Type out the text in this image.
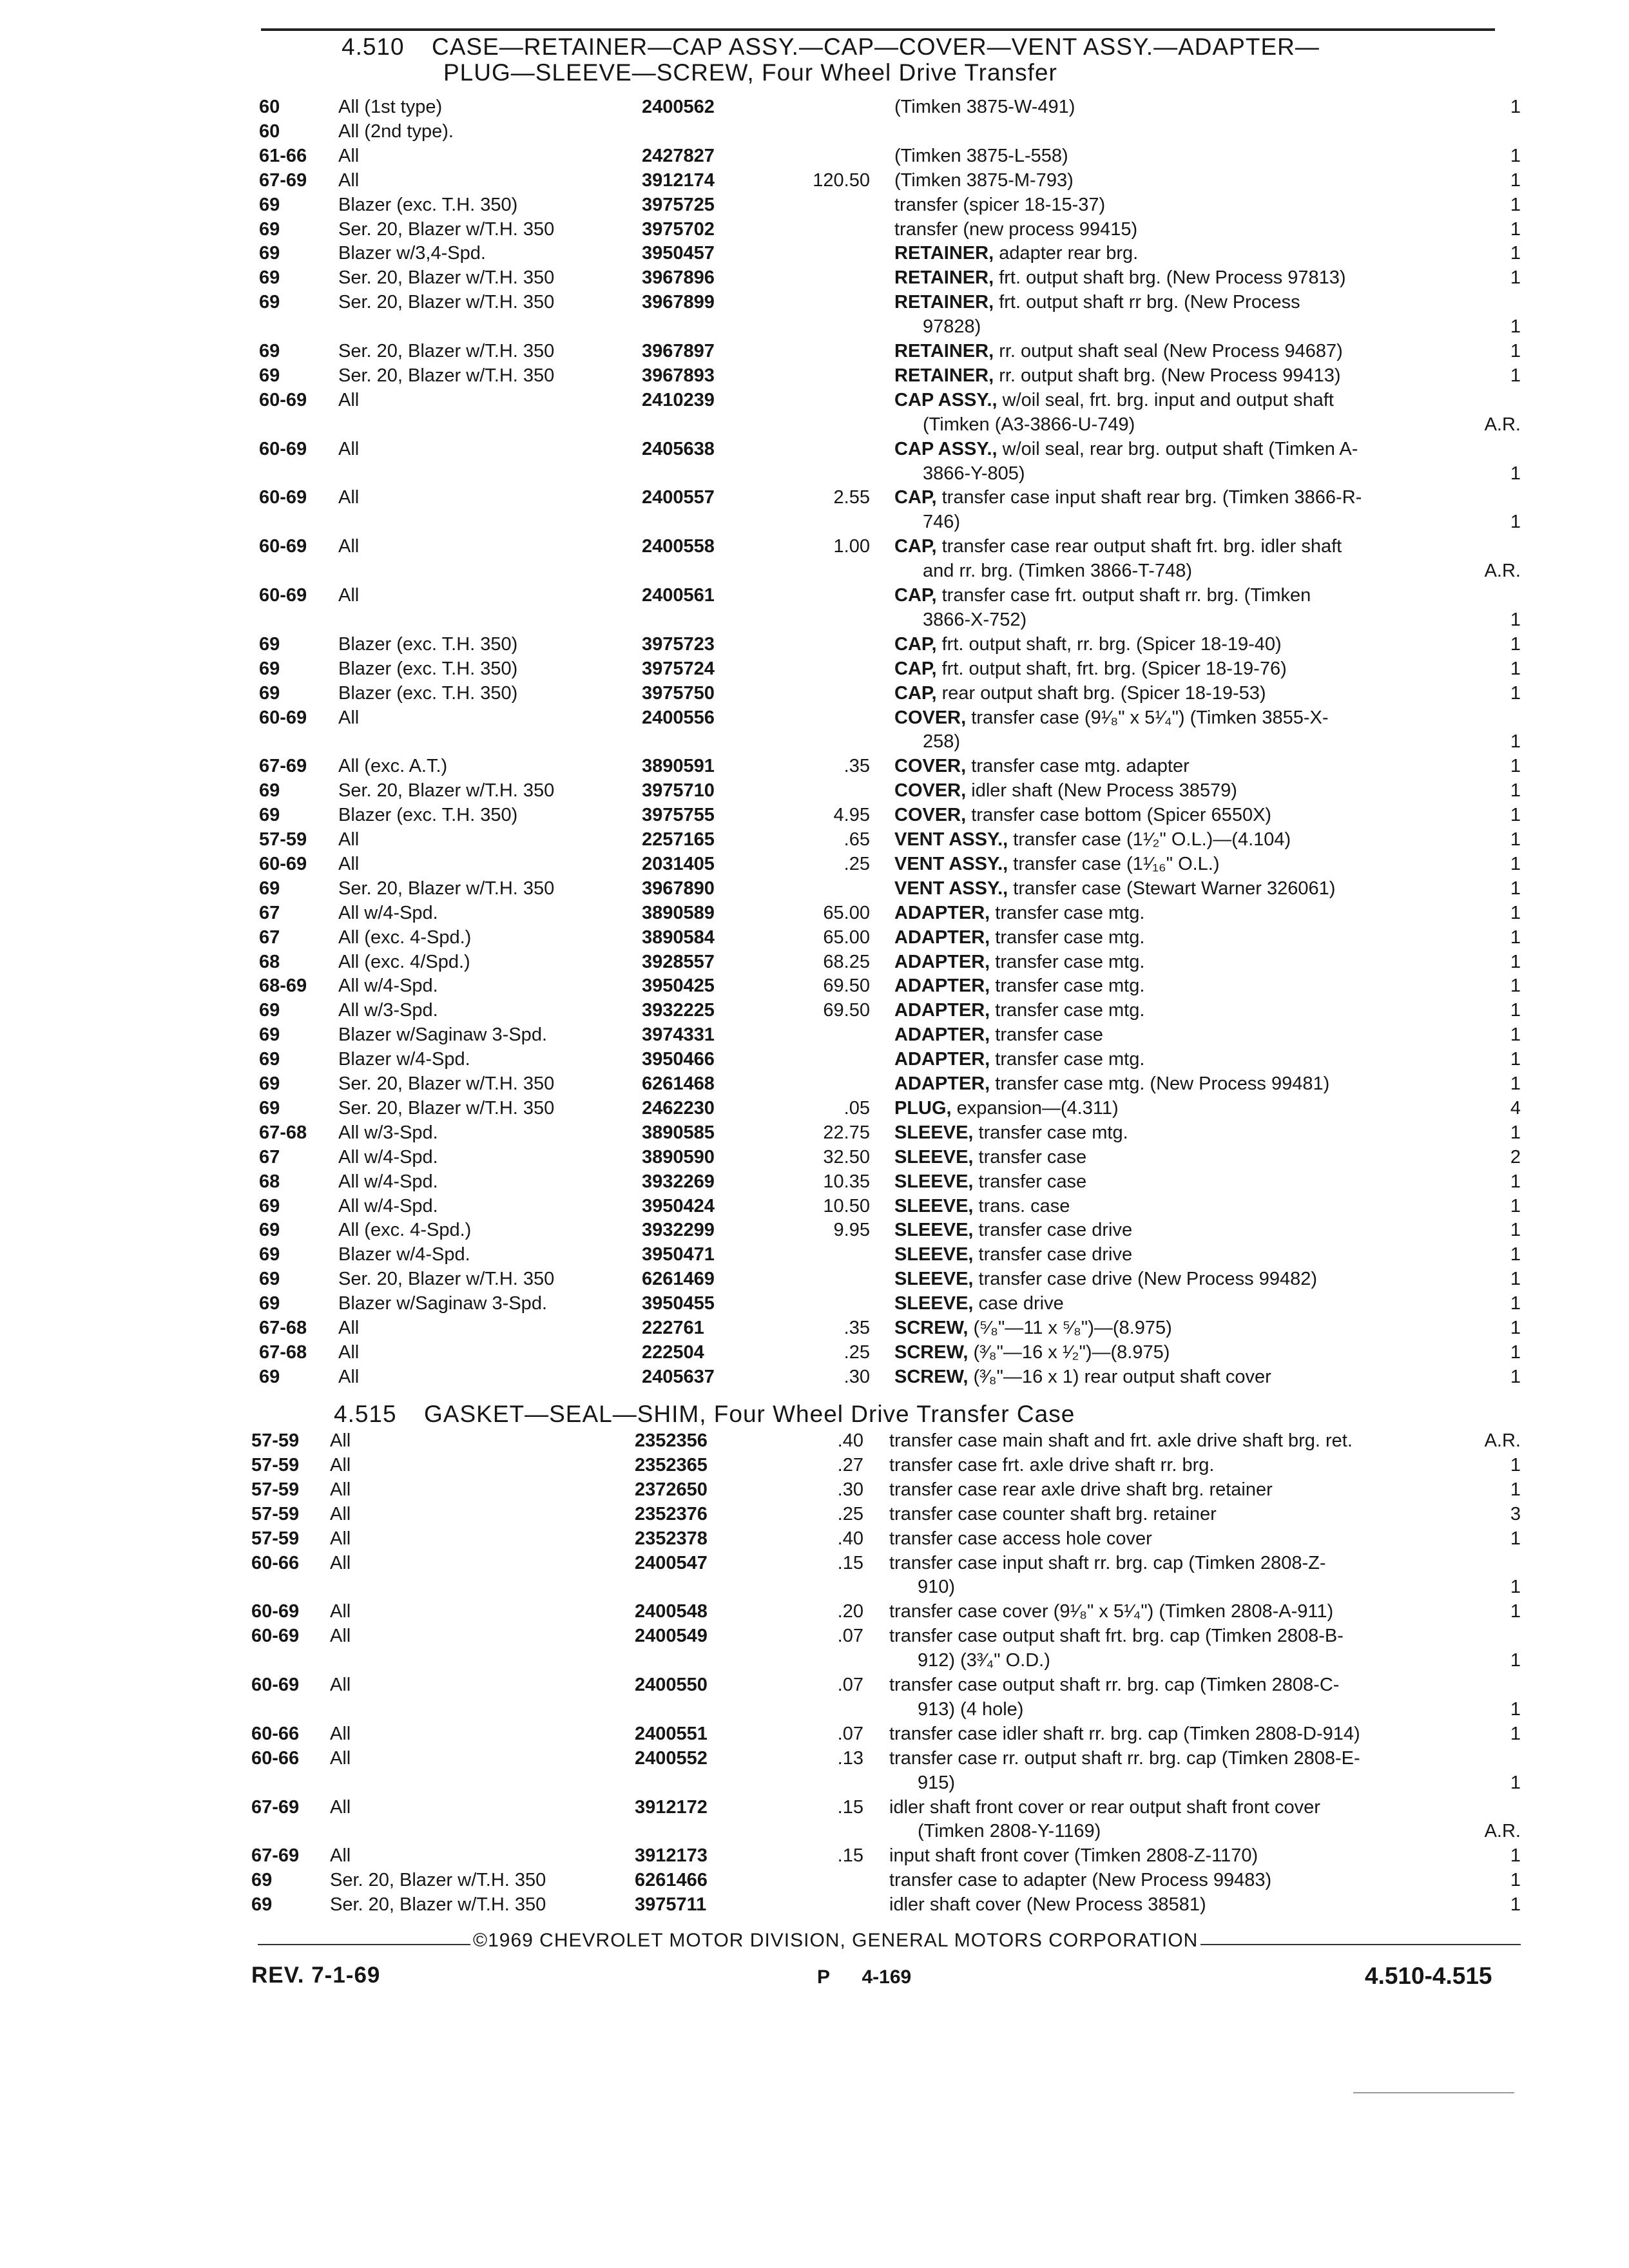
4.510 CASE—RETAINER—CAP ASSY.—CAP—COVER—VENT ASSY.—ADAPTER—
PLUG—SLEEVE—SCREW, Four Wheel Drive Transfer
60	All (1st type)	2400562	(Timken 3875-W-491)	1
60	All (2nd type).
61-66 All	2427827	(Timken 3875-L-558)	1
67-69 All	3912174	120.50 (Timken 3875-M-793)	1
69	Blazer (exc. T.H. 350)	3975725	transfer (spicer 18-15-37)	1
69	Ser. 20, Blazer w/T.H. 350	3975702	transfer (new process 99415)	1
69	Blazer w/3,4-Spd.	3950457	RETAINER, adapter rear brg.	1
69	Ser. 20, Blazer w/T.H. 350	3967896	RETAINER, frt. output shaft brg. (New Process 97813)	1
69	Ser. 20, Blazer w/T.H. 350	3967899	RETAINER, frt. output shaft rr brg. (New Process
97828)	1
69	Ser. 20, Blazer w/T.H. 350	3967897	RETAINER, rr. output shaft seal (New Process 94687)	1
69	Ser. 20, Blazer w/T.H. 350	3967893	RETAINER, rr. output shaft brg. (New Process 99413)	1
60-69 All	2410239	CAP ASSY., w/oil seal, frt. brg. input and output shaft
(Timken (A3-3866-U-749)	A.R.
60-69 All	2405638	CAP ASSY., w/oil seal, rear brg. output shaft (Timken A-
3866-Y-805)	1
60-69 All	2400557	2.55 CAP, transfer case input shaft rear brg. (Timken 3866-R-
746)	1
60-69 All	2400558	1.00 CAP, transfer case rear output shaft frt. brg. idler shaft
and rr. brg. (Timken 3866-T-748)	A.R.
60-69 All	2400561	CAP, transfer case frt. output shaft rr. brg. (Timken
3866-X-752)	1
69	Blazer (exc. T.H. 350)	3975723	CAP, frt. output shaft, rr. brg. (Spicer 18-19-40)	1
69	Blazer (exc. T.H. 350)	3975724	CAP, frt. output shaft, frt. brg. (Spicer 18-19-76)	1
69	Blazer (exc. T.H. 350)	3975750	CAP, rear output shaft brg. (Spicer 18-19-53)	1
60-69 All	2400556	COVER, transfer case (9¹⁄₈" x 5¹⁄₄") (Timken 3855-X-
258)	1
67-69 All (exc. A.T.)	3890591	.35 COVER, transfer case mtg. adapter	1
69	Ser. 20, Blazer w/T.H. 350	3975710	COVER, idler shaft (New Process 38579)	1
69	Blazer (exc. T.H. 350)	3975755	4.95 COVER, transfer case bottom (Spicer 6550X)	1
57-59 All	2257165	.65 VENT ASSY., transfer case (1¹⁄₂" O.L.)—(4.104)	1
60-69 All	2031405	.25 VENT ASSY., transfer case (1¹⁄₁₆" O.L.)	1
69	Ser. 20, Blazer w/T.H. 350	3967890	VENT ASSY., transfer case (Stewart Warner 326061)	1
67	All w/4-Spd.	3890589	65.00 ADAPTER, transfer case mtg.	1
67	All (exc. 4-Spd.)	3890584	65.00 ADAPTER, transfer case mtg.	1
68	All (exc. 4/Spd.)	3928557	68.25 ADAPTER, transfer case mtg.	1
68-69 All w/4-Spd.	3950425	69.50 ADAPTER, transfer case mtg.	1
69	All w/3-Spd.	3932225	69.50 ADAPTER, transfer case mtg.	1
69	Blazer w/Saginaw 3-Spd.	3974331	ADAPTER, transfer case	1
69	Blazer w/4-Spd.	3950466	ADAPTER, transfer case mtg.	1
69	Ser. 20, Blazer w/T.H. 350	6261468	ADAPTER, transfer case mtg. (New Process 99481)	1
69	Ser. 20, Blazer w/T.H. 350	2462230	.05 PLUG, expansion—(4.311)	4
67-68 All w/3-Spd.	3890585	22.75 SLEEVE, transfer case mtg.	1
67	All w/4-Spd.	3890590	32.50 SLEEVE, transfer case	2
68	All w/4-Spd.	3932269	10.35 SLEEVE, transfer case	1
69	All w/4-Spd.	3950424	10.50 SLEEVE, trans. case	1
69	All (exc. 4-Spd.)	3932299	9.95 SLEEVE, transfer case drive	1
69	Blazer w/4-Spd.	3950471	SLEEVE, transfer case drive	1
69	Ser. 20, Blazer w/T.H. 350	6261469	SLEEVE, transfer case drive (New Process 99482)	1
69	Blazer w/Saginaw 3-Spd.	3950455	SLEEVE, case drive	1
67-68 All	222761	.35 SCREW, (⁵⁄₈"—11 x ⁵⁄₈")—(8.975)	1
67-68 All	222504	.25 SCREW, (³⁄₈"—16 x ¹⁄₂")—(8.975)	1
69	All	2405637	.30 SCREW, (³⁄₈"—16 x 1) rear output shaft cover	1
4.515 GASKET—SEAL—SHIM, Four Wheel Drive Transfer Case
57-59 All	2352356	.40 transfer case main shaft and frt. axle drive shaft brg. ret.	A.R.
57-59 All	2352365	.27 transfer case frt. axle drive shaft rr. brg.	1
57-59 All	2372650	.30 transfer case rear axle drive shaft brg. retainer	1
57-59 All	2352376	.25 transfer case counter shaft brg. retainer	3
57-59 All	2352378	.40 transfer case access hole cover	1
60-66 All	2400547	.15 transfer case input shaft rr. brg. cap (Timken 2808-Z-
910)	1
60-69 All	2400548	.20 transfer case cover (9¹⁄₈" x 5¹⁄₄") (Timken 2808-A-911)	1
60-69 All	2400549	.07 transfer case output shaft frt. brg. cap (Timken 2808-B-
912) (3³⁄₄" O.D.)	1
60-69 All	2400550	.07 transfer case output shaft rr. brg. cap (Timken 2808-C-
913) (4 hole)	1
60-66 All	2400551	.07 transfer case idler shaft rr. brg. cap (Timken 2808-D-914)	1
60-66 All	2400552	.13 transfer case rr. output shaft rr. brg. cap (Timken 2808-E-
915)	1
67-69 All	3912172	.15 idler shaft front cover or rear output shaft front cover
(Timken 2808-Y-1169)	A.R.
67-69 All	3912173	.15 input shaft front cover (Timken 2808-Z-1170)	1
69	Ser. 20, Blazer w/T.H. 350	6261466	transfer case to adapter (New Process 99483)	1
69	Ser. 20, Blazer w/T.H. 350	3975711	idler shaft cover (New Process 38581)	1
©1969 CHEVROLET MOTOR DIVISION, GENERAL MOTORS CORPORATION
REV. 7-1-69	P      4-169	4.510-4.515
